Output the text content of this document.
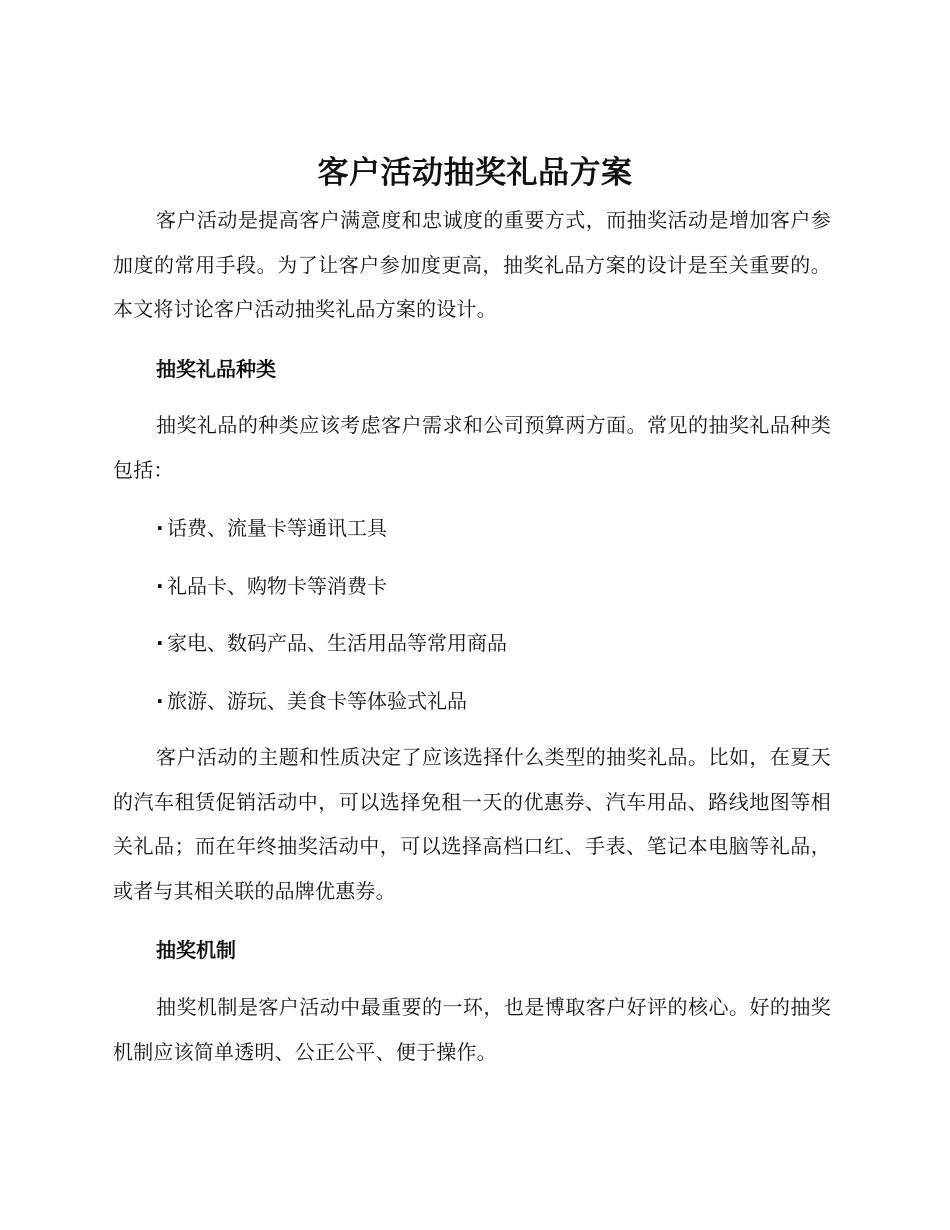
客户活动抽奖礼品方案

客户活动是提高客户满意度和忠诚度的重要方式，而抽奖活动是增加客户参加度的常用手段。为了让客户参加度更高，抽奖礼品方案的设计是至关重要的。本文将讨论客户活动抽奖礼品方案的设计。

抽奖礼品种类

抽奖礼品的种类应该考虑客户需求和公司预算两方面。常见的抽奖礼品种类包括：

· 话费、流量卡等通讯工具
· 礼品卡、购物卡等消费卡
· 家电、数码产品、生活用品等常用商品
· 旅游、游玩、美食卡等体验式礼品

客户活动的主题和性质决定了应该选择什么类型的抽奖礼品。比如，在夏天的汽车租赁促销活动中，可以选择免租一天的优惠券、汽车用品、路线地图等相关礼品；而在年终抽奖活动中，可以选择高档口红、手表、笔记本电脑等礼品，或者与其相关联的品牌优惠券。

抽奖机制

抽奖机制是客户活动中最重要的一环，也是博取客户好评的核心。好的抽奖机制应该简单透明、公正公平、便于操作。
